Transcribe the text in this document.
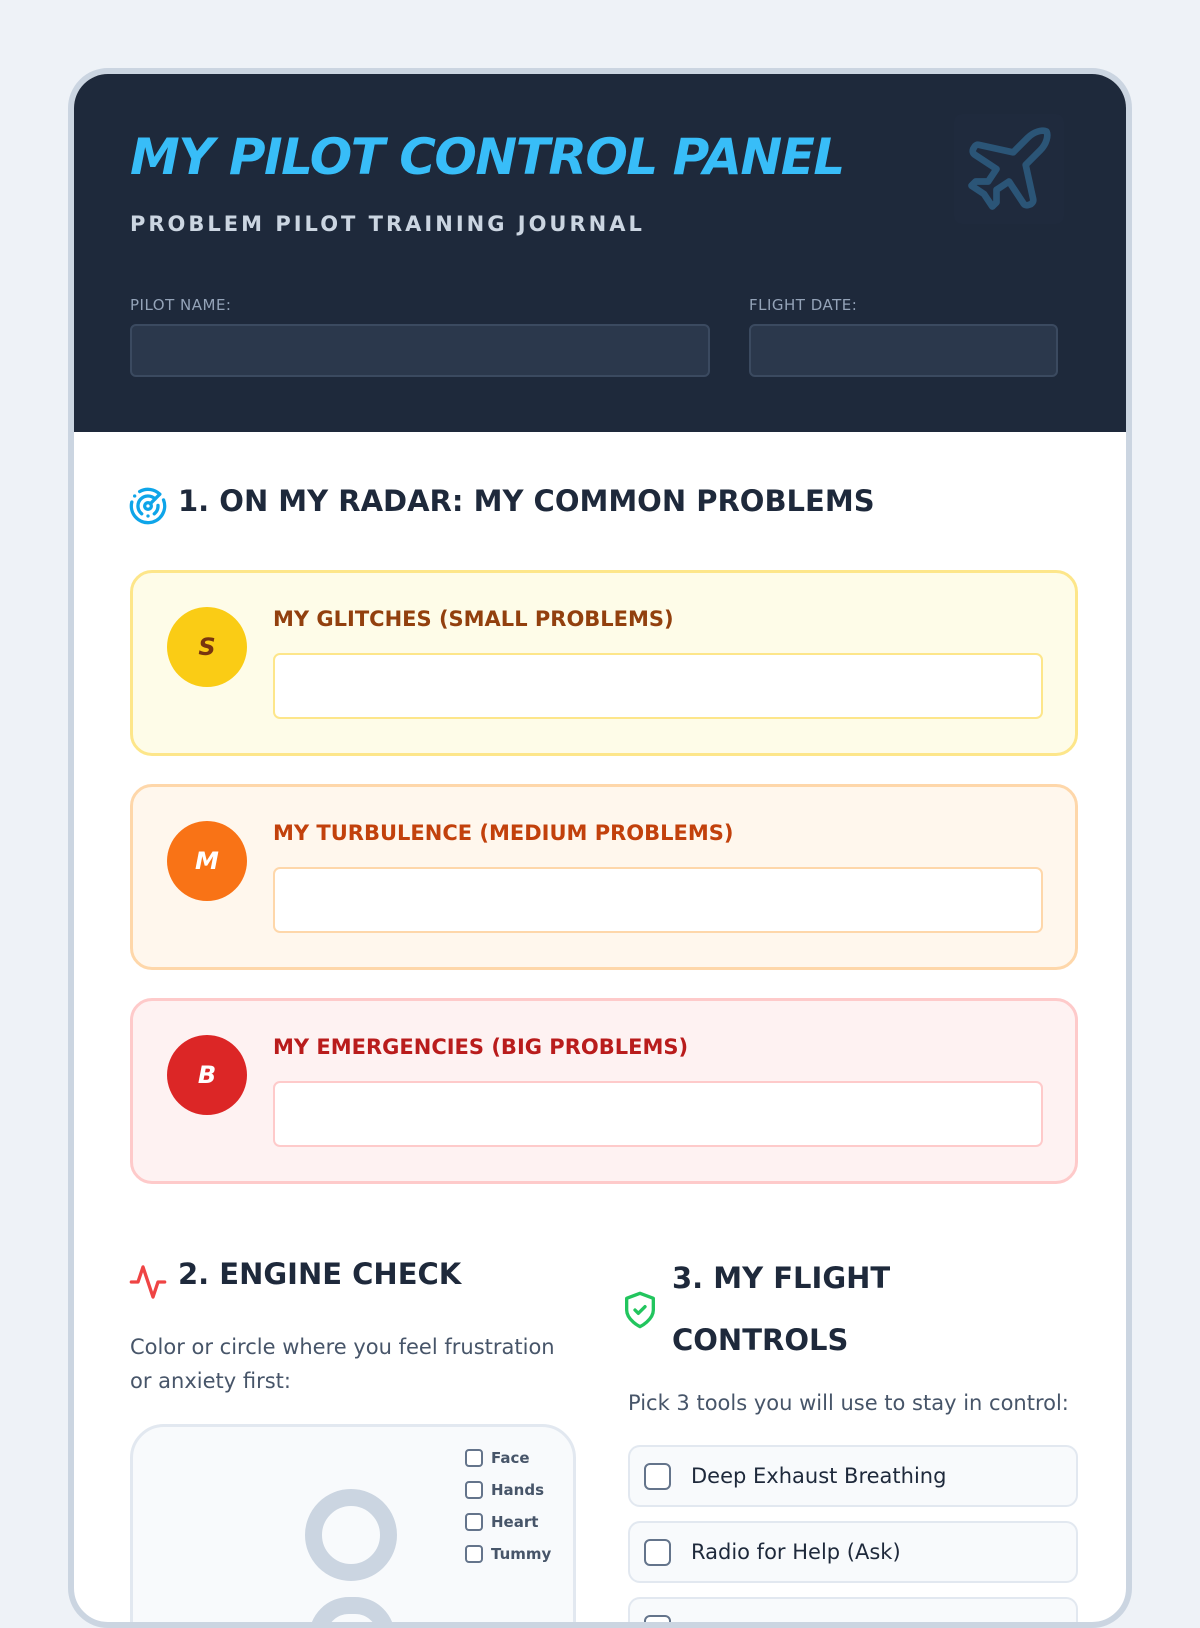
MY PILOT CONTROL PANEL
PROBLEM PILOT TRAINING JOURNAL
PILOT NAME:	FLIGHT DATE:
1. ON MY RADAR: MY COMMON PROBLEMS
S
MY GLITCHES (SMALL PROBLEMS)
M
MY TURBULENCE (MEDIUM PROBLEMS)
B
MY EMERGENCIES (BIG PROBLEMS)
2. ENGINE CHECK
Color or circle where you feel frustration or anxiety first:
Face
Hands
Heart
Tummy
3. MY FLIGHT
CONTROLS
Pick 3 tools you will use to stay in control:
Deep Exhaust Breathing
Radio for Help (Ask)
